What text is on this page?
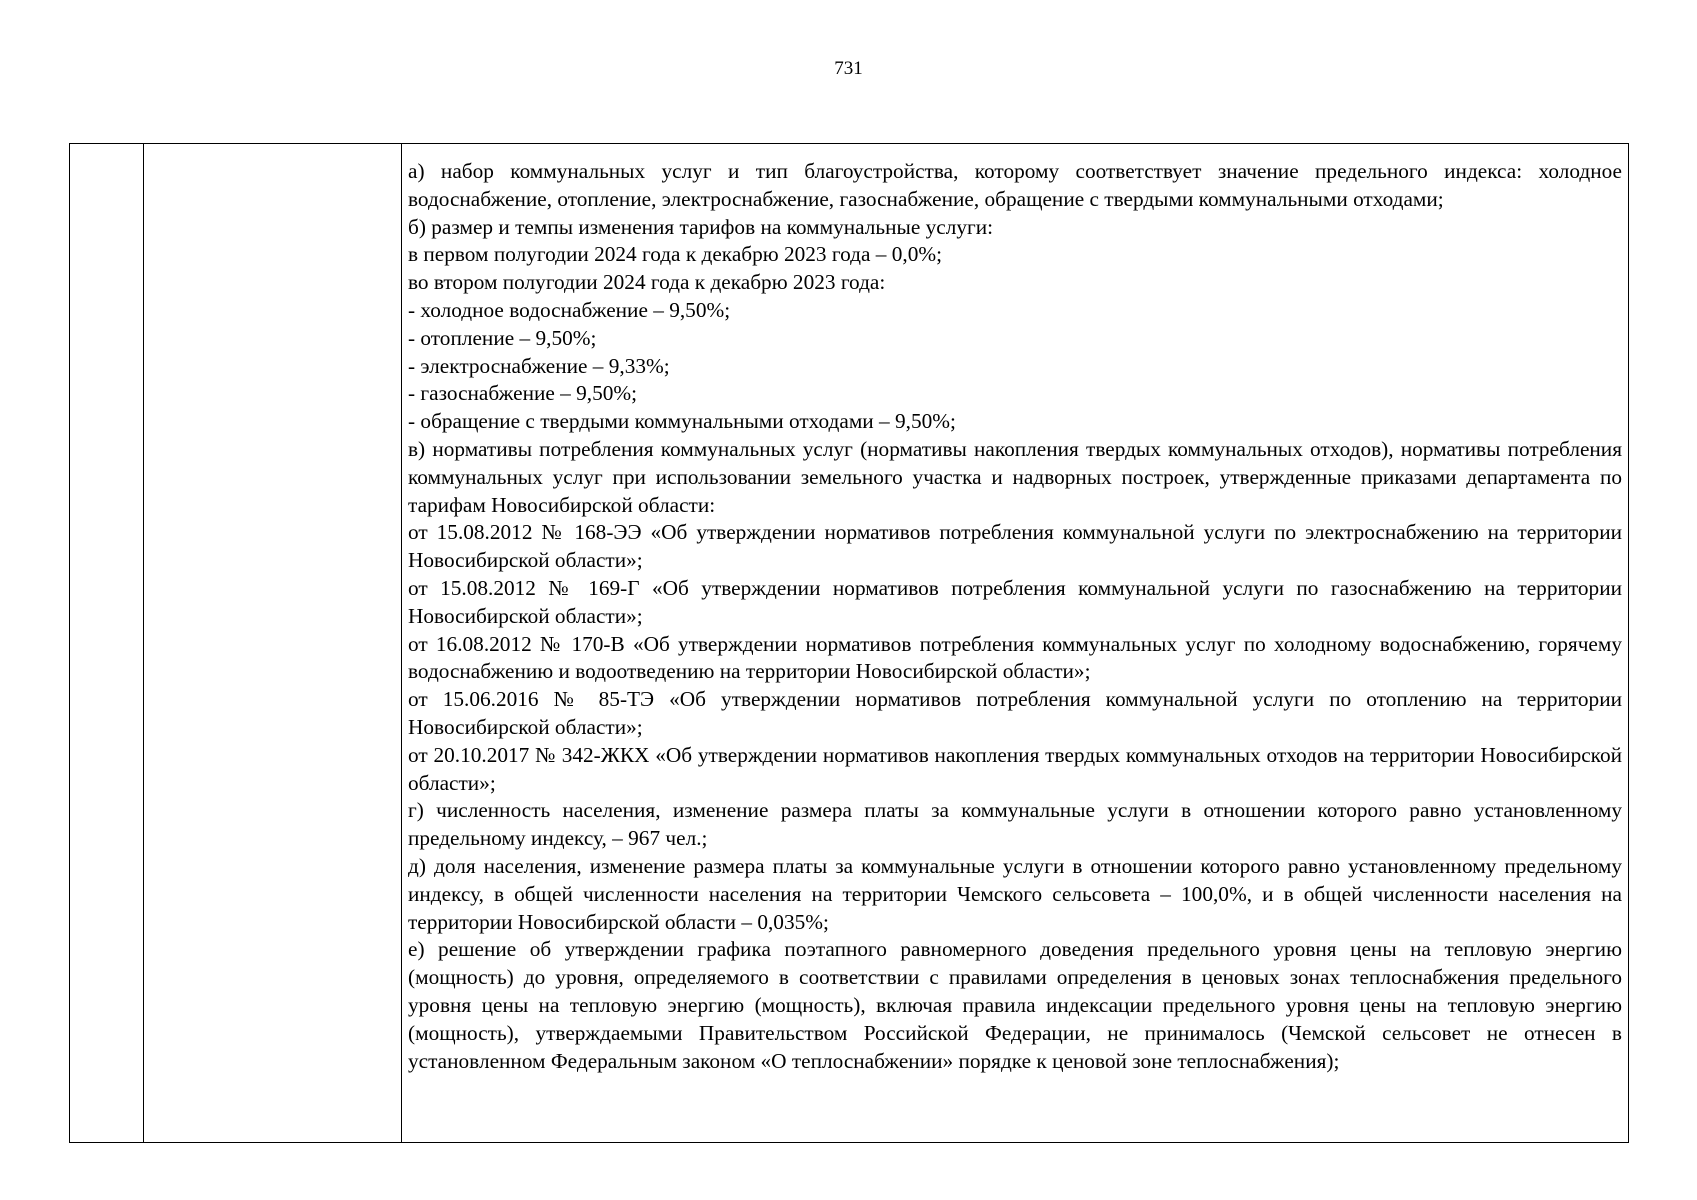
731

а) набор коммунальных услуг и тип благоустройства, которому соответствует значение предельного индекса: холодное водоснабжение, отопление, электроснабжение, газоснабжение, обращение с твердыми коммунальными отходами;

б) размер и темпы изменения тарифов на коммунальные услуги:

в первом полугодии 2024 года к декабрю 2023 года – 0,0%;

во втором полугодии 2024 года к декабрю 2023 года:

- холодное водоснабжение – 9,50%;

- отопление – 9,50%;

- электроснабжение – 9,33%;

- газоснабжение – 9,50%;

- обращение с твердыми коммунальными отходами – 9,50%;

в) нормативы потребления коммунальных услуг (нормативы накопления твердых коммунальных отходов), нормативы потребления коммунальных услуг при использовании земельного участка и надворных построек, утвержденные приказами департамента по тарифам Новосибирской области:

от 15.08.2012 № 168-ЭЭ «Об утверждении нормативов потребления коммунальной услуги по электроснабжению на территории Новосибирской области»;

от 15.08.2012 № 169-Г «Об утверждении нормативов потребления коммунальной услуги по газоснабжению на территории Новосибирской области»;

от 16.08.2012 № 170-В «Об утверждении нормативов потребления коммунальных услуг по холодному водоснабжению, горячему водоснабжению и водоотведению на территории Новосибирской области»;

от 15.06.2016 № 85-ТЭ «Об утверждении нормативов потребления коммунальной услуги по отоплению на территории Новосибирской области»;

от 20.10.2017 № 342-ЖКХ «Об утверждении нормативов накопления твердых коммунальных отходов на территории Новосибирской области»;

г) численность населения, изменение размера платы за коммунальные услуги в отношении которого равно установленному предельному индексу, – 967 чел.;

д) доля населения, изменение размера платы за коммунальные услуги в отношении которого равно установленному предельному индексу, в общей численности населения на территории Чемского сельсовета – 100,0%, и в общей численности населения на территории Новосибирской области – 0,035%;

е) решение об утверждении графика поэтапного равномерного доведения предельного уровня цены на тепловую энергию (мощность) до уровня, определяемого в соответствии с правилами определения в ценовых зонах теплоснабжения предельного уровня цены на тепловую энергию (мощность), включая правила индексации предельного уровня цены на тепловую энергию (мощность), утверждаемыми Правительством Российской Федерации, не принималось (Чемской сельсовет не отнесен в установленном Федеральным законом «О теплоснабжении» порядке к ценовой зоне теплоснабжения);
